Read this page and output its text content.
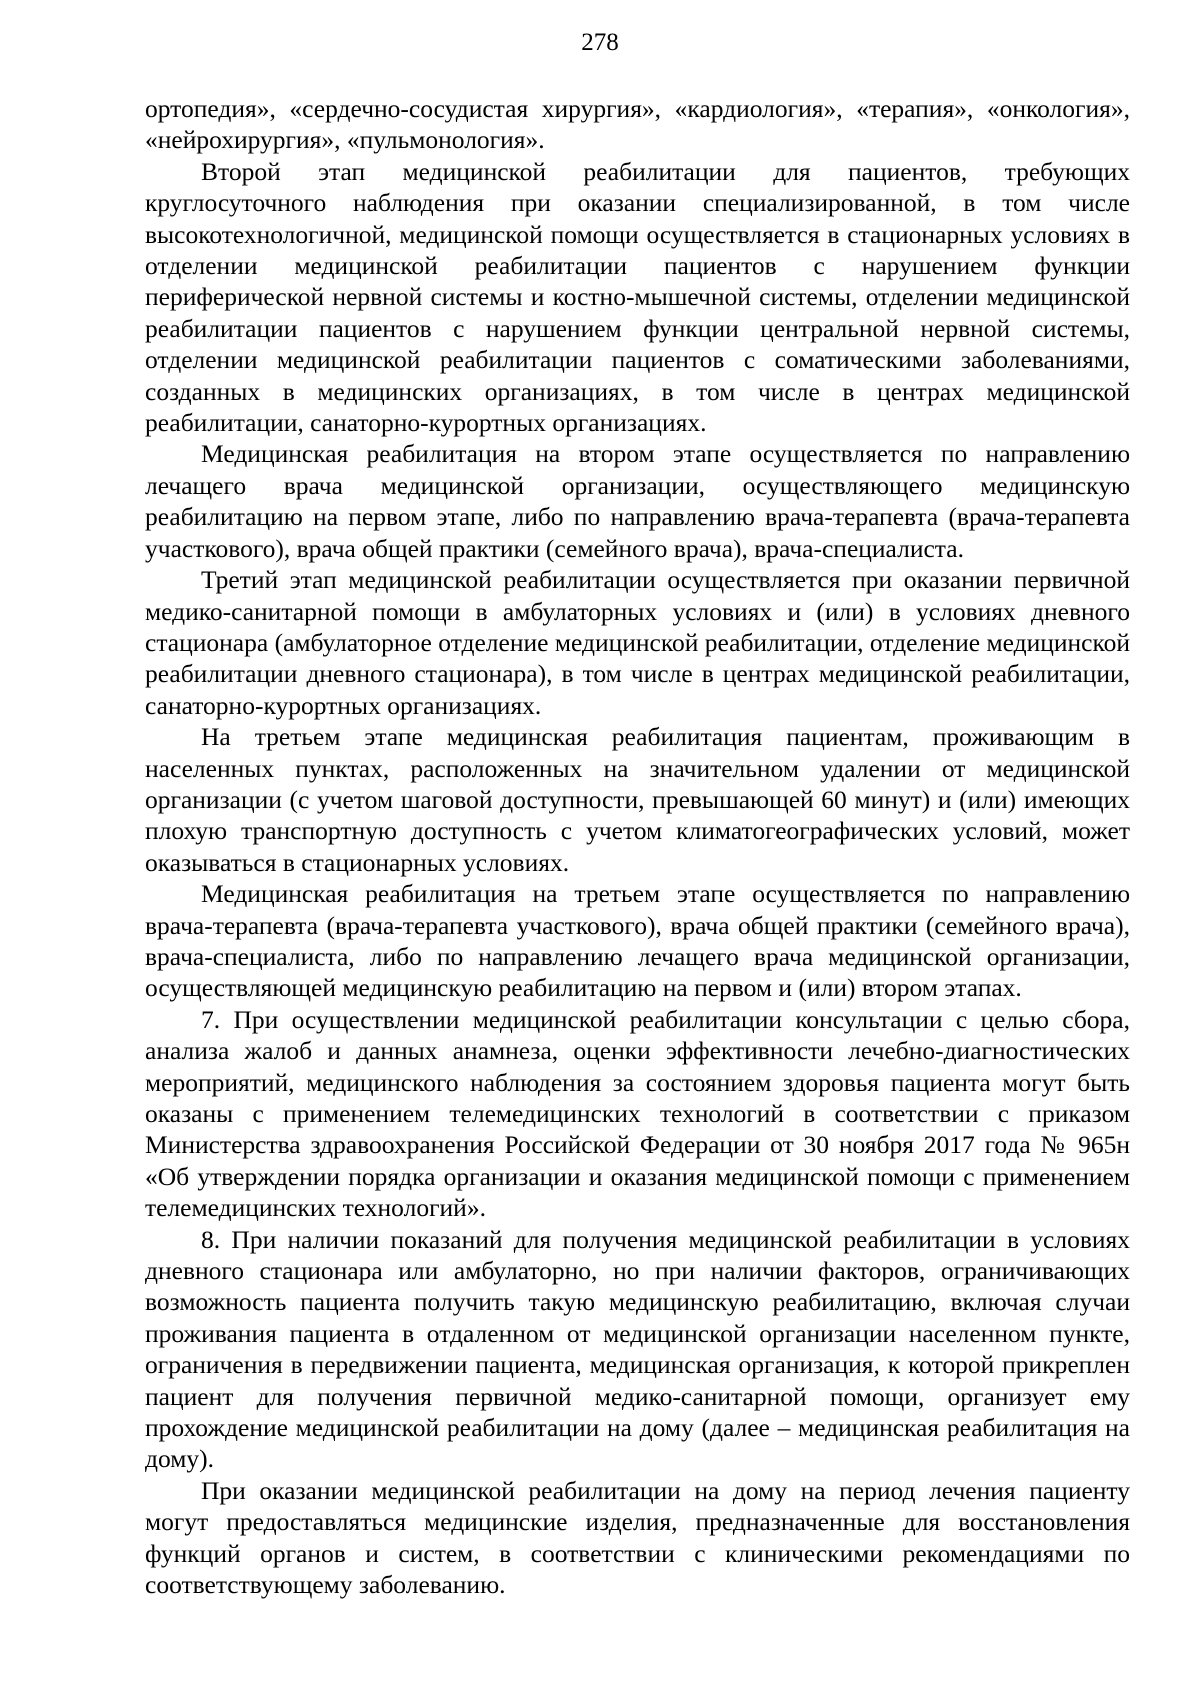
278

ортопедия», «сердечно-сосудистая хирургия», «кардиология», «терапия», «онкология», «нейрохирургия», «пульмонология».

Второй этап медицинской реабилитации для пациентов, требующих круглосуточного наблюдения при оказании специализированной, в том числе высокотехнологичной, медицинской помощи осуществляется в стационарных условиях в отделении медицинской реабилитации пациентов с нарушением функции периферической нервной системы и костно-мышечной системы, отделении медицинской реабилитации пациентов с нарушением функции центральной нервной системы, отделении медицинской реабилитации пациентов с соматическими заболеваниями, созданных в медицинских организациях, в том числе в центрах медицинской реабилитации, санаторно-курортных организациях.

Медицинская реабилитация на втором этапе осуществляется по направлению лечащего врача медицинской организации, осуществляющего медицинскую реабилитацию на первом этапе, либо по направлению врача-терапевта (врача-терапевта участкового), врача общей практики (семейного врача), врача-специалиста.

Третий этап медицинской реабилитации осуществляется при оказании первичной медико-санитарной помощи в амбулаторных условиях и (или) в условиях дневного стационара (амбулаторное отделение медицинской реабилитации, отделение медицинской реабилитации дневного стационара), в том числе в центрах медицинской реабилитации, санаторно-курортных организациях.

На третьем этапе медицинская реабилитация пациентам, проживающим в населенных пунктах, расположенных на значительном удалении от медицинской организации (с учетом шаговой доступности, превышающей 60 минут) и (или) имеющих плохую транспортную доступность с учетом климатогеографических условий, может оказываться в стационарных условиях.

Медицинская реабилитация на третьем этапе осуществляется по направлению врача-терапевта (врача-терапевта участкового), врача общей практики (семейного врача), врача-специалиста, либо по направлению лечащего врача медицинской организации, осуществляющей медицинскую реабилитацию на первом и (или) втором этапах.

7. При осуществлении медицинской реабилитации консультации с целью сбора, анализа жалоб и данных анамнеза, оценки эффективности лечебно-диагностических мероприятий, медицинского наблюдения за состоянием здоровья пациента могут быть оказаны с применением телемедицинских технологий в соответствии с приказом Министерства здравоохранения Российской Федерации от 30 ноября 2017 года № 965н «Об утверждении порядка организации и оказания медицинской помощи с применением телемедицинских технологий».

8. При наличии показаний для получения медицинской реабилитации в условиях дневного стационара или амбулаторно, но при наличии факторов, ограничивающих возможность пациента получить такую медицинскую реабилитацию, включая случаи проживания пациента в отдаленном от медицинской организации населенном пункте, ограничения в передвижении пациента, медицинская организация, к которой прикреплен пациент для получения первичной медико-санитарной помощи, организует ему прохождение медицинской реабилитации на дому (далее – медицинская реабилитация на дому).

При оказании медицинской реабилитации на дому на период лечения пациенту могут предоставляться медицинские изделия, предназначенные для восстановления функций органов и систем, в соответствии с клиническими рекомендациями по соответствующему заболеванию.
